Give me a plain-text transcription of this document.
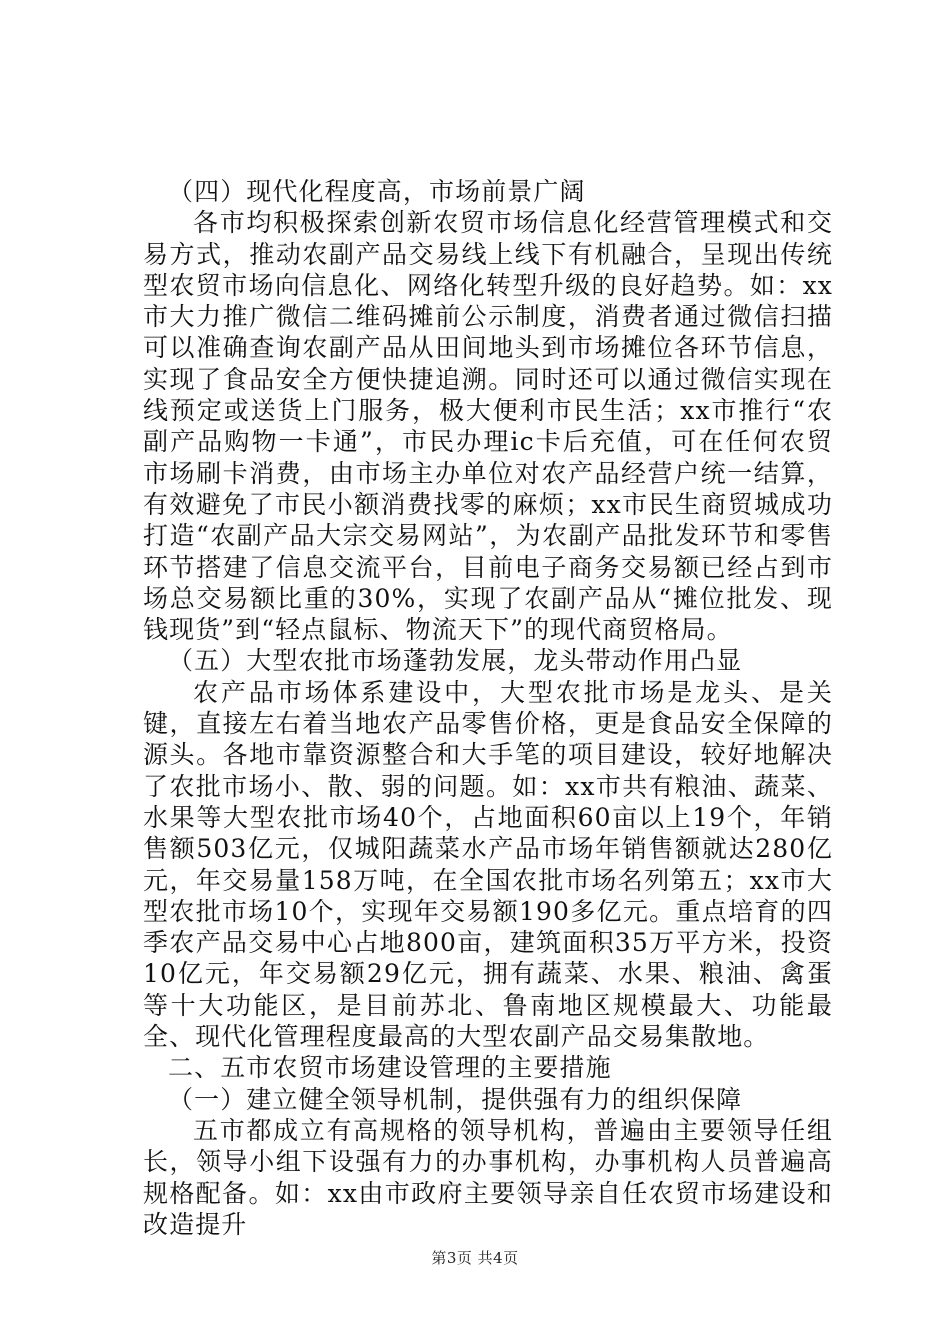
（四）现代化程度高，市场前景广阔

各市均积极探索创新农贸市场信息化经营管理模式和交易方式，推动农副产品交易线上线下有机融合，呈现出传统型农贸市场向信息化、网络化转型升级的良好趋势。如：xx市大力推广微信二维码摊前公示制度，消费者通过微信扫描可以准确查询农副产品从田间地头到市场摊位各环节信息，实现了食品安全方便快捷追溯。同时还可以通过微信实现在线预定或送货上门服务，极大便利市民生活；xx市推行“农副产品购物一卡通”，市民办理ic卡后充值，可在任何农贸市场刷卡消费，由市场主办单位对农产品经营户统一结算，有效避免了市民小额消费找零的麻烦；xx市民生商贸城成功打造“农副产品大宗交易网站”，为农副产品批发环节和零售环节搭建了信息交流平台，目前电子商务交易额已经占到市场总交易额比重的30%，实现了农副产品从“摊位批发、现钱现货”到“轻点鼠标、物流天下”的现代商贸格局。

（五）大型农批市场蓬勃发展，龙头带动作用凸显

农产品市场体系建设中，大型农批市场是龙头、是关键，直接左右着当地农产品零售价格，更是食品安全保障的源头。各地市靠资源整合和大手笔的项目建设，较好地解决了农批市场小、散、弱的问题。如：xx市共有粮油、蔬菜、水果等大型农批市场40个，占地面积60亩以上19个，年销售额503亿元，仅城阳蔬菜水产品市场年销售额就达280亿元，年交易量158万吨，在全国农批市场名列第五；xx市大型农批市场10个，实现年交易额190多亿元。重点培育的四季农产品交易中心占地800亩，建筑面积35万平方米，投资10亿元，年交易额29亿元，拥有蔬菜、水果、粮油、禽蛋等十大功能区，是目前苏北、鲁南地区规模最大、功能最全、现代化管理程度最高的大型农副产品交易集散地。

二、五市农贸市场建设管理的主要措施

（一）建立健全领导机制，提供强有力的组织保障

五市都成立有高规格的领导机构，普遍由主要领导任组长，领导小组下设强有力的办事机构，办事机构人员普遍高规格配备。如：xx由市政府主要领导亲自任农贸市场建设和改造提升

第3页 共4页
